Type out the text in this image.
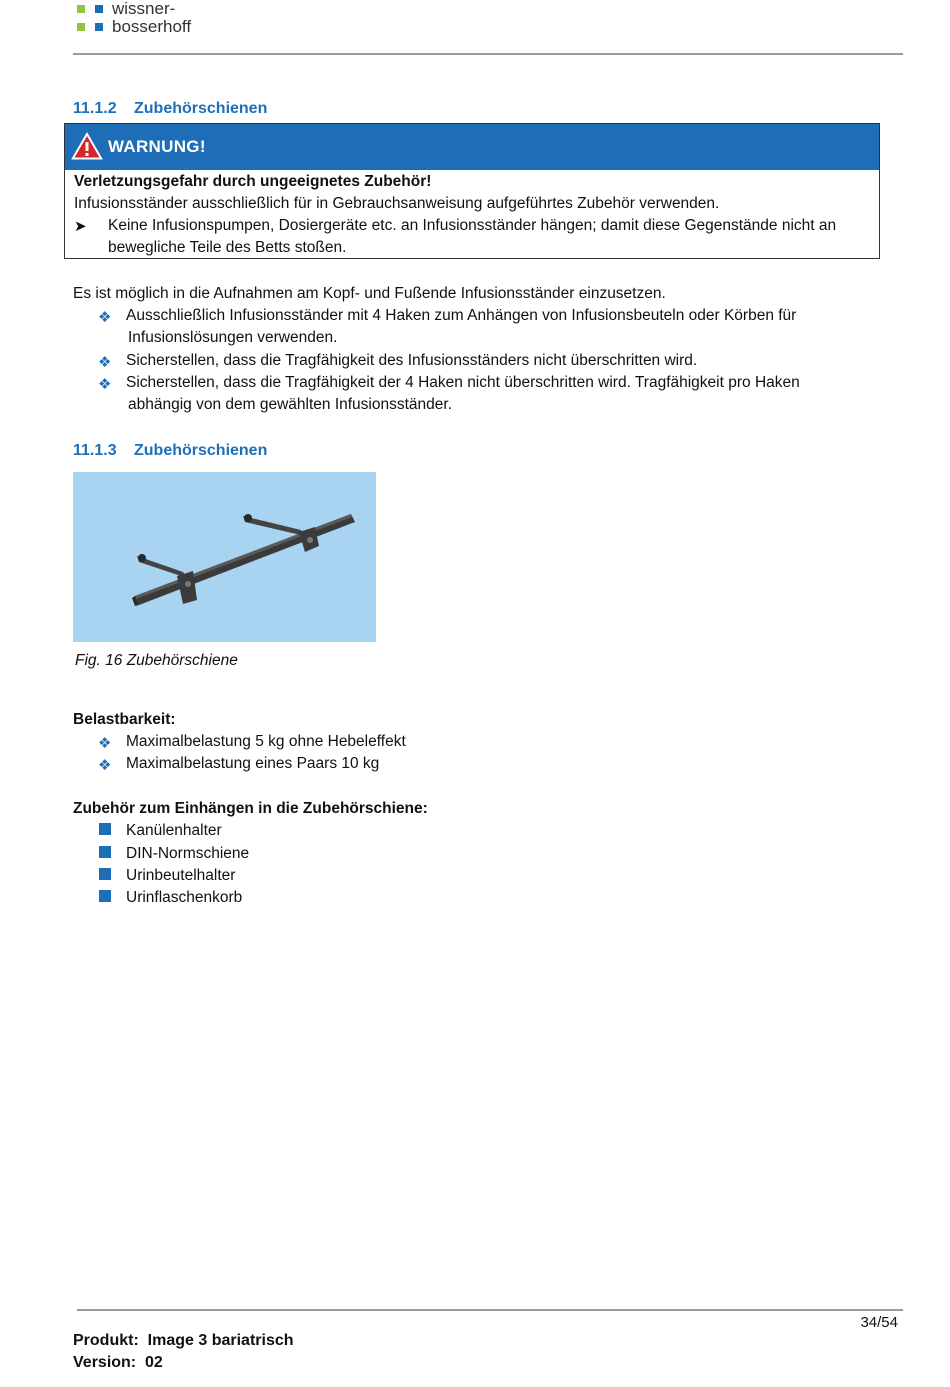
wissner-
bosserhoff
11.1.2 Zubehörschienen
WARNUNG!
Verletzungsgefahr durch ungeeignetes Zubehör!
Infusionsständer ausschließlich für in Gebrauchsanweisung aufgeführtes Zubehör verwenden.
➤ Keine Infusionspumpen, Dosiergeräte etc. an Infusionsständer hängen; damit diese Gegenstände nicht an
bewegliche Teile des Betts stoßen.
Es ist möglich in die Aufnahmen am Kopf- und Fußende Infusionsständer einzusetzen.
❖ Ausschließlich Infusionsständer mit 4 Haken zum Anhängen von Infusionsbeuteln oder Körben für
Infusionslösungen verwenden.
❖ Sicherstellen, dass die Tragfähigkeit des Infusionsständers nicht überschritten wird.
❖ Sicherstellen, dass die Tragfähigkeit der 4 Haken nicht überschritten wird. Tragfähigkeit pro Haken
abhängig von dem gewählten Infusionsständer.
11.1.3 Zubehörschienen
Fig. 16 Zubehörschiene
Belastbarkeit:
❖ Maximalbelastung 5 kg ohne Hebeleffekt
❖ Maximalbelastung eines Paars 10 kg
Zubehör zum Einhängen in die Zubehörschiene:
Kanülenhalter
DIN-Normschiene
Urinbeutelhalter
Urinflaschenkorb
34/54
Produkt: Image 3 bariatrisch
Version: 02
